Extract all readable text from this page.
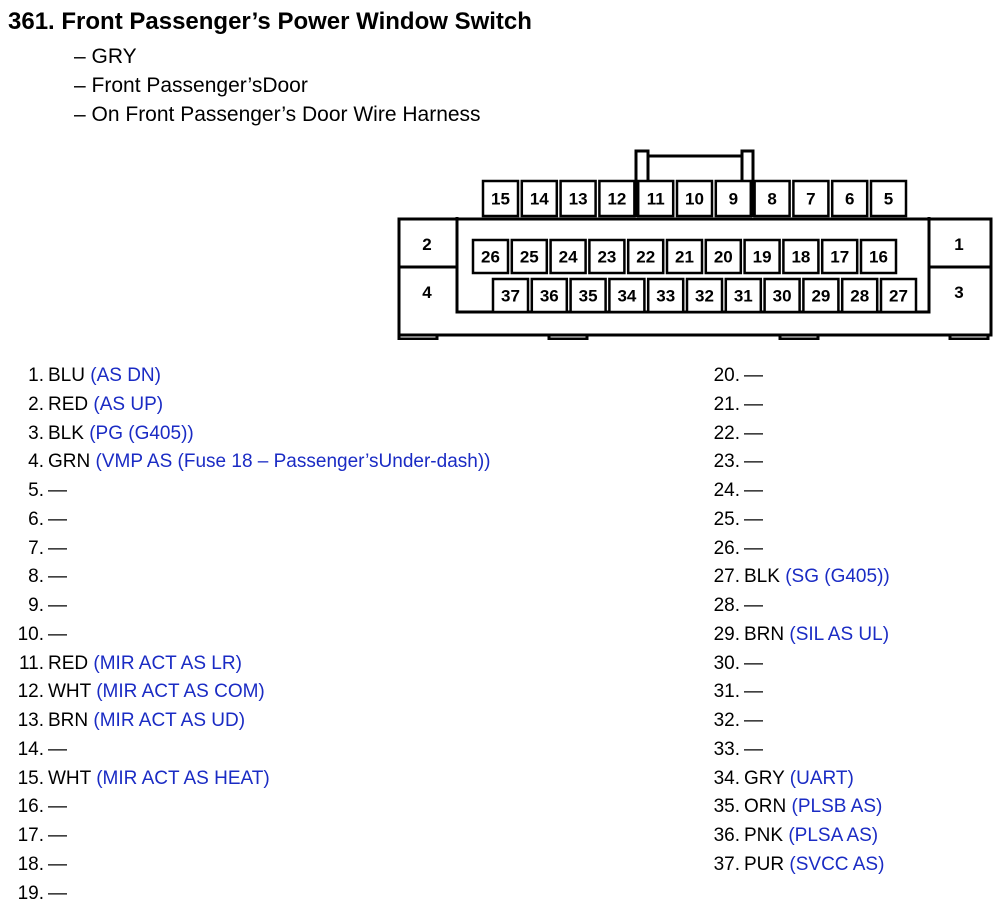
361. Front Passenger’s Power Window Switch
– GRY
– Front Passenger’sDoor
– On Front Passenger’s Door Wire Harness
15 14 13 12 11 10 9 8 7 6 5
26 25 24 23 22 21 20 19 18 17 16
37 36 35 34 33 32 31 30 29 28 27
2
4
1
3
1. BLU (AS DN)
2. RED (AS UP)
3. BLK (PG (G405))
4. GRN (VMP AS (Fuse 18 – Passenger’sUnder-dash))
5. —
6. —
7. —
8. —
9. —
10. —
11. RED (MIR ACT AS LR)
12. WHT (MIR ACT AS COM)
13. BRN (MIR ACT AS UD)
14. —
15. WHT (MIR ACT AS HEAT)
16. —
17. —
18. —
19. —
20. —
21. —
22. —
23. —
24. —
25. —
26. —
27. BLK (SG (G405))
28. —
29. BRN (SIL AS UL)
30. —
31. —
32. —
33. —
34. GRY (UART)
35. ORN (PLSB AS)
36. PNK (PLSA AS)
37. PUR (SVCC AS)
